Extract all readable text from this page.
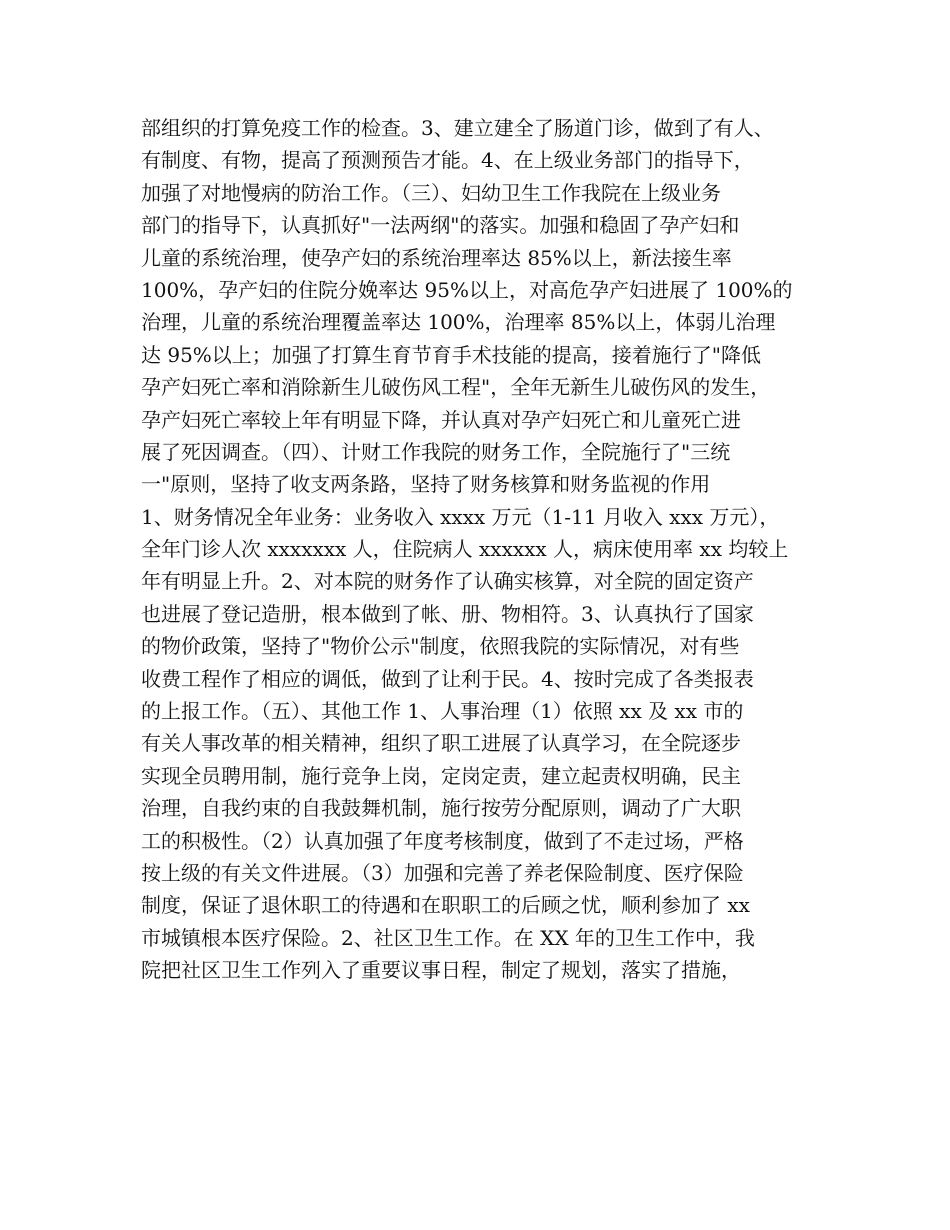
部组织的打算免疫工作的检查。3、建立建全了肠道门诊，做到了有人、
有制度、有物，提高了预测预告才能。4、在上级业务部门的指导下，
加强了对地慢病的防治工作。（三）、妇幼卫生工作我院在上级业务
部门的指导下，认真抓好"一法两纲"的落实。加强和稳固了孕产妇和
儿童的系统治理，使孕产妇的系统治理率达 85%以上，新法接生率
100%，孕产妇的住院分娩率达 95%以上，对高危孕产妇进展了 100%的
治理，儿童的系统治理覆盖率达 100%，治理率 85%以上，体弱儿治理
达 95%以上；加强了打算生育节育手术技能的提高，接着施行了"降低
孕产妇死亡率和消除新生儿破伤风工程"，全年无新生儿破伤风的发生，
孕产妇死亡率较上年有明显下降，并认真对孕产妇死亡和儿童死亡进
展了死因调查。（四）、计财工作我院的财务工作，全院施行了"三统
一"原则，坚持了收支两条路，坚持了财务核算和财务监视的作用
1、财务情况全年业务：业务收入 xxxx 万元（1-11 月收入 xxx 万元），
全年门诊人次 xxxxxxx 人，住院病人 xxxxxx 人，病床使用率 xx 均较上
年有明显上升。2、对本院的财务作了认确实核算，对全院的固定资产
也进展了登记造册，根本做到了帐、册、物相符。3、认真执行了国家
的物价政策，坚持了"物价公示"制度，依照我院的实际情况，对有些
收费工程作了相应的调低，做到了让利于民。4、按时完成了各类报表
的上报工作。（五）、其他工作 1、人事治理（1）依照 xx 及 xx 市的
有关人事改革的相关精神，组织了职工进展了认真学习，在全院逐步
实现全员聘用制，施行竞争上岗，定岗定责，建立起责权明确，民主
治理，自我约束的自我鼓舞机制，施行按劳分配原则，调动了广大职
工的积极性。（2）认真加强了年度考核制度，做到了不走过场，严格
按上级的有关文件进展。（3）加强和完善了养老保险制度、医疗保险
制度，保证了退休职工的待遇和在职职工的后顾之忧，顺利参加了 xx
市城镇根本医疗保险。2、社区卫生工作。在 XX 年的卫生工作中，我
院把社区卫生工作列入了重要议事日程，制定了规划，落实了措施，
